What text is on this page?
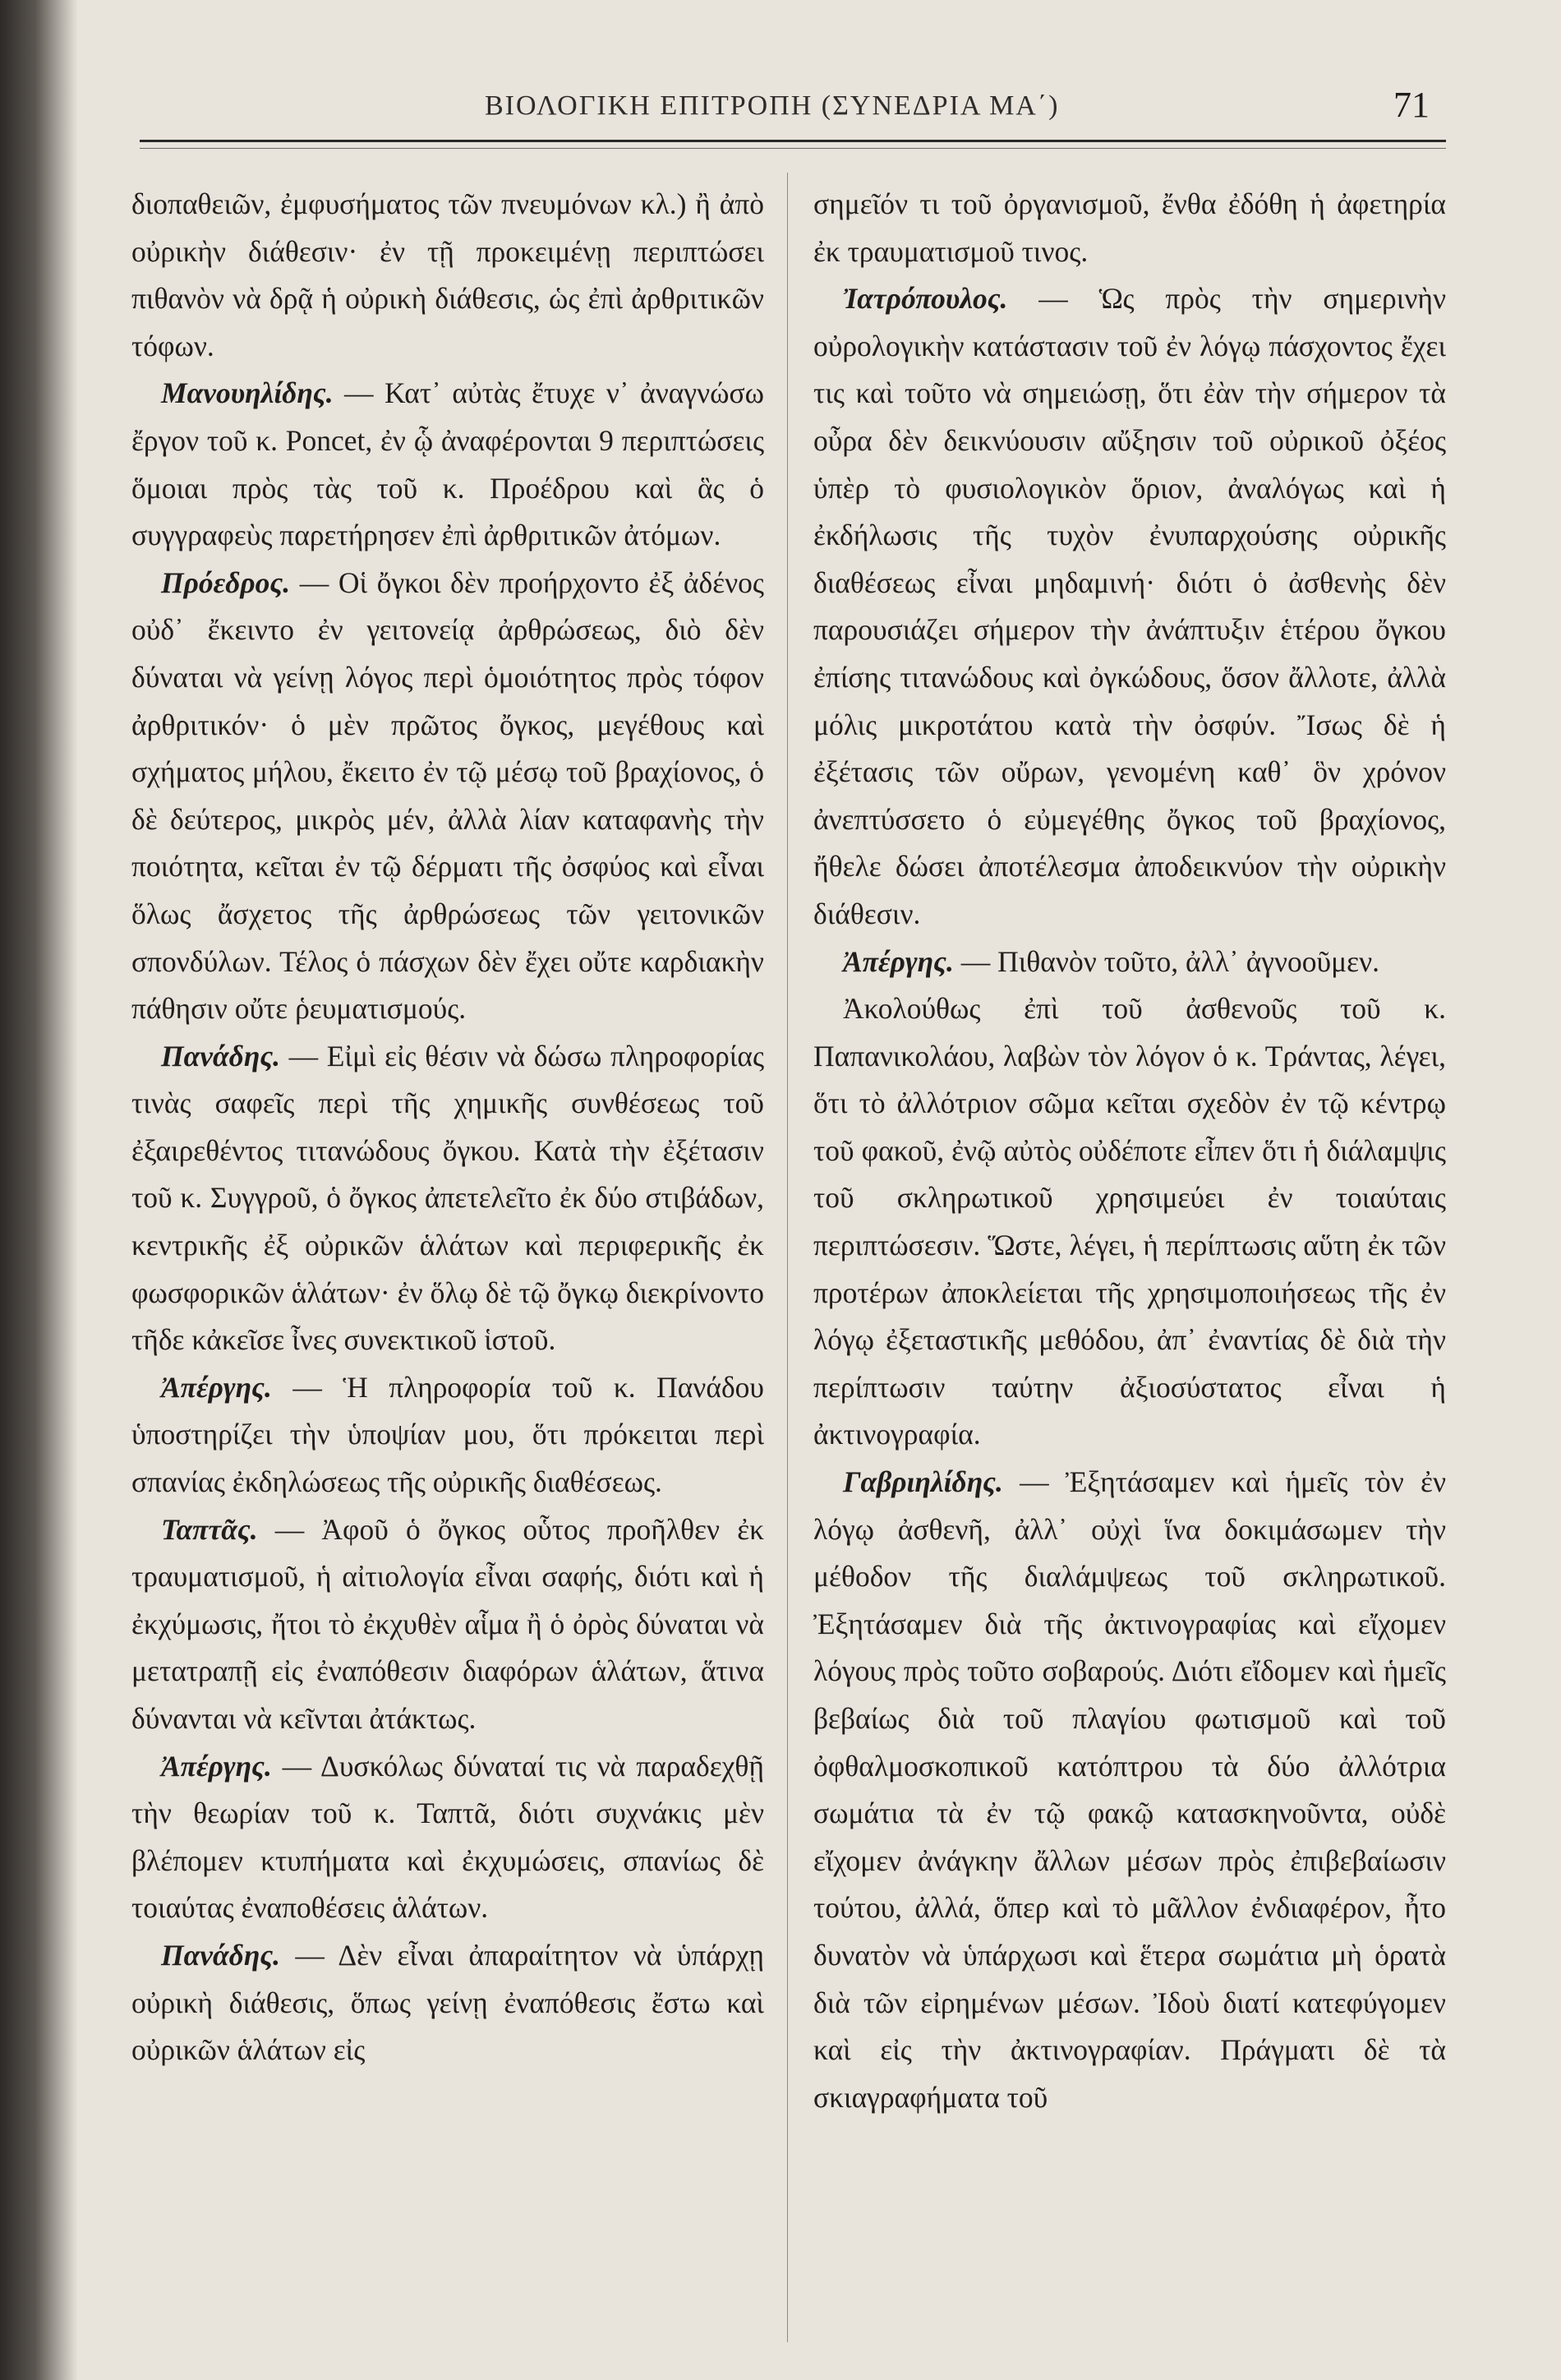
ΒΙΟΛΟΓΙΚΗ ΕΠΙΤΡΟΠΗ (ΣΥΝΕΔΡΙΑ ΜΑ΄)	71

διοπαθειῶν, ἐμφυσήματος τῶν πνευμόνων κλ.) ἢ ἀπὸ οὐρικὴν διάθεσιν· ἐν τῇ προκειμένῃ περιπτώσει πιθανὸν νὰ δρᾷ ἡ οὐρικὴ διάθεσις, ὡς ἐπὶ ἀρθριτικῶν τόφων.

Μανουηλίδης. — Κατ᾽ αὐτὰς ἔτυχε ν᾽ ἀναγνώσω ἔργον τοῦ κ. Poncet, ἐν ᾧ ἀναφέρονται 9 περιπτώσεις ὅμοιαι πρὸς τὰς τοῦ κ. Προέδρου καὶ ἃς ὁ συγγραφεὺς παρετήρησεν ἐπὶ ἀρθριτικῶν ἀτόμων.

Πρόεδρος. — Οἱ ὄγκοι δὲν προήρχοντο ἐξ ἀδένος οὐδ᾽ ἔκειντο ἐν γειτονείᾳ ἀρθρώσεως, διὸ δὲν δύναται νὰ γείνῃ λόγος περὶ ὁμοιότητος πρὸς τόφον ἀρθριτικόν· ὁ μὲν πρῶτος ὄγκος, μεγέθους καὶ σχήματος μήλου, ἔκειτο ἐν τῷ μέσῳ τοῦ βραχίονος, ὁ δὲ δεύτερος, μικρὸς μέν, ἀλλὰ λίαν καταφανὴς τὴν ποιότητα, κεῖται ἐν τῷ δέρματι τῆς ὀσφύος καὶ εἶναι ὅλως ἄσχετος τῆς ἀρθρώσεως τῶν γειτονικῶν σπονδύλων. Τέλος ὁ πάσχων δὲν ἔχει οὔτε καρδιακὴν πάθησιν οὔτε ῥευματισμούς.

Πανάδης. — Εἰμὶ εἰς θέσιν νὰ δώσω πληροφορίας τινὰς σαφεῖς περὶ τῆς χημικῆς συνθέσεως τοῦ ἐξαιρεθέντος τιτανώδους ὄγκου. Κατὰ τὴν ἐξέτασιν τοῦ κ. Συγγροῦ, ὁ ὄγκος ἀπετελεῖτο ἐκ δύο στιβάδων, κεντρικῆς ἐξ οὐρικῶν ἁλάτων καὶ περιφερικῆς ἐκ φωσφορικῶν ἁλάτων· ἐν ὅλῳ δὲ τῷ ὄγκῳ διεκρίνοντο τῆδε κἀκεῖσε ἶνες συνεκτικοῦ ἱστοῦ.

Ἀπέργης. — Ἡ πληροφορία τοῦ κ. Πανάδου ὑποστηρίζει τὴν ὑποψίαν μου, ὅτι πρόκειται περὶ σπανίας ἐκδηλώσεως τῆς οὐρικῆς διαθέσεως.

Ταπτᾶς. — Ἀφοῦ ὁ ὄγκος οὗτος προῆλθεν ἐκ τραυματισμοῦ, ἡ αἰτιολογία εἶναι σαφής, διότι καὶ ἡ ἐκχύμωσις, ἤτοι τὸ ἐκχυθὲν αἷμα ἢ ὁ ὀρὸς δύναται νὰ μετατραπῇ εἰς ἐναπόθεσιν διαφόρων ἁλάτων, ἅτινα δύνανται νὰ κεῖνται ἀτάκτως.

Ἀπέργης. — Δυσκόλως δύναταί τις νὰ παραδεχθῇ τὴν θεωρίαν τοῦ κ. Ταπτᾶ, διότι συχνάκις μὲν βλέπομεν κτυπήματα καὶ ἐκχυμώσεις, σπανίως δὲ τοιαύτας ἐναποθέσεις ἁλάτων.

Πανάδης. — Δὲν εἶναι ἀπαραίτητον νὰ ὑπάρχῃ οὐρικὴ διάθεσις, ὅπως γείνῃ ἐναπόθεσις ἔστω καὶ οὐρικῶν ἁλάτων εἰς

σημεῖόν τι τοῦ ὀργανισμοῦ, ἔνθα ἐδόθη ἡ ἀφετηρία ἐκ τραυματισμοῦ τινος.

Ἰατρόπουλος. — Ὡς πρὸς τὴν σημερινὴν οὐρολογικὴν κατάστασιν τοῦ ἐν λόγῳ πάσχοντος ἔχει τις καὶ τοῦτο νὰ σημειώσῃ, ὅτι ἐὰν τὴν σήμερον τὰ οὖρα δὲν δεικνύουσιν αὔξησιν τοῦ οὐρικοῦ ὀξέος ὑπὲρ τὸ φυσιολογικὸν ὅριον, ἀναλόγως καὶ ἡ ἐκδήλωσις τῆς τυχὸν ἐνυπαρχούσης οὐρικῆς διαθέσεως εἶναι μηδαμινή· διότι ὁ ἀσθενὴς δὲν παρουσιάζει σήμερον τὴν ἀνάπτυξιν ἑτέρου ὄγκου ἐπίσης τιτανώδους καὶ ὀγκώδους, ὅσον ἄλλοτε, ἀλλὰ μόλις μικροτάτου κατὰ τὴν ὀσφύν. Ἴσως δὲ ἡ ἐξέτασις τῶν οὔρων, γενομένη καθ᾽ ὃν χρόνον ἀνεπτύσσετο ὁ εὐμεγέθης ὄγκος τοῦ βραχίονος, ἤθελε δώσει ἀποτέλεσμα ἀποδεικνύον τὴν οὐρικὴν διάθεσιν.

Ἀπέργης. — Πιθανὸν τοῦτο, ἀλλ᾽ ἀγνοοῦμεν.

Ἀκολούθως ἐπὶ τοῦ ἀσθενοῦς τοῦ κ. Παπανικολάου, λαβὼν τὸν λόγον ὁ κ. Τράντας, λέγει, ὅτι τὸ ἀλλότριον σῶμα κεῖται σχεδὸν ἐν τῷ κέντρῳ τοῦ φακοῦ, ἐνῷ αὐτὸς οὐδέποτε εἶπεν ὅτι ἡ διάλαμψις τοῦ σκληρωτικοῦ χρησιμεύει ἐν τοιαύταις περιπτώσεσιν. Ὥστε, λέγει, ἡ περίπτωσις αὕτη ἐκ τῶν προτέρων ἀποκλείεται τῆς χρησιμοποιήσεως τῆς ἐν λόγῳ ἐξεταστικῆς μεθόδου, ἀπ᾽ ἐναντίας δὲ διὰ τὴν περίπτωσιν ταύτην ἀξιοσύστατος εἶναι ἡ ἀκτινογραφία.

Γαβριηλίδης. — Ἐξητάσαμεν καὶ ἡμεῖς τὸν ἐν λόγῳ ἀσθενῆ, ἀλλ᾽ οὐχὶ ἵνα δοκιμάσωμεν τὴν μέθοδον τῆς διαλάμψεως τοῦ σκληρωτικοῦ. Ἐξητάσαμεν διὰ τῆς ἀκτινογραφίας καὶ εἴχομεν λόγους πρὸς τοῦτο σοβαρούς. Διότι εἴδομεν καὶ ἡμεῖς βεβαίως διὰ τοῦ πλαγίου φωτισμοῦ καὶ τοῦ ὀφθαλμοσκοπικοῦ κατόπτρου τὰ δύο ἀλλότρια σωμάτια τὰ ἐν τῷ φακῷ κατασκηνοῦντα, οὐδὲ εἴχομεν ἀνάγκην ἄλλων μέσων πρὸς ἐπιβεβαίωσιν τούτου, ἀλλά, ὅπερ καὶ τὸ μᾶλλον ἐνδιαφέρον, ἦτο δυνατὸν νὰ ὑπάρχωσι καὶ ἕτερα σωμάτια μὴ ὁρατὰ διὰ τῶν εἰρημένων μέσων. Ἰδοὺ διατί κατεφύγομεν καὶ εἰς τὴν ἀκτινογραφίαν. Πράγματι δὲ τὰ σκιαγραφήματα τοῦ
